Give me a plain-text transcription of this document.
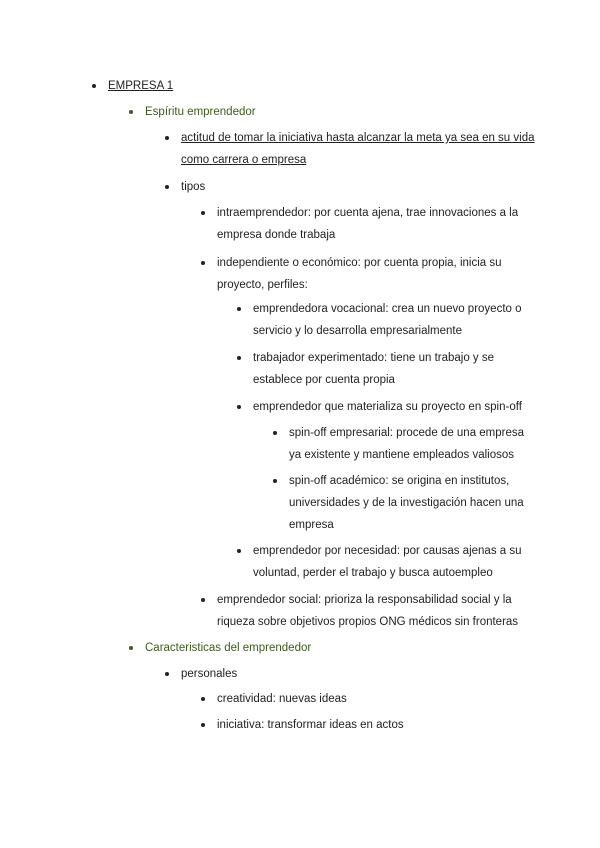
EMPRESA 1
Espíritu emprendedor
actitud de tomar la iniciativa hasta alcanzar la meta ya sea en su vida
como carrera o empresa
tipos
intraemprendedor: por cuenta ajena, trae innovaciones a la
empresa donde trabaja
independiente o económico: por cuenta propia, inicia su
proyecto, perfiles:
emprendedora vocacional: crea un nuevo proyecto o
servicio y lo desarrolla empresarialmente
trabajador experimentado: tiene un trabajo y se
establece por cuenta propia
emprendedor que materializa su proyecto en spin-off
spin-off empresarial: procede de una empresa
ya existente y mantiene empleados valiosos
spin-off académico: se origina en institutos,
universidades y de la investigación hacen una
empresa
emprendedor por necesidad: por causas ajenas a su
voluntad, perder el trabajo y busca autoempleo
emprendedor social: prioriza la responsabilidad social y la
riqueza sobre objetivos propios ONG médicos sin fronteras
Caracteristicas del emprendedor
personales
creatividad: nuevas ideas
iniciativa: transformar ideas en actos
